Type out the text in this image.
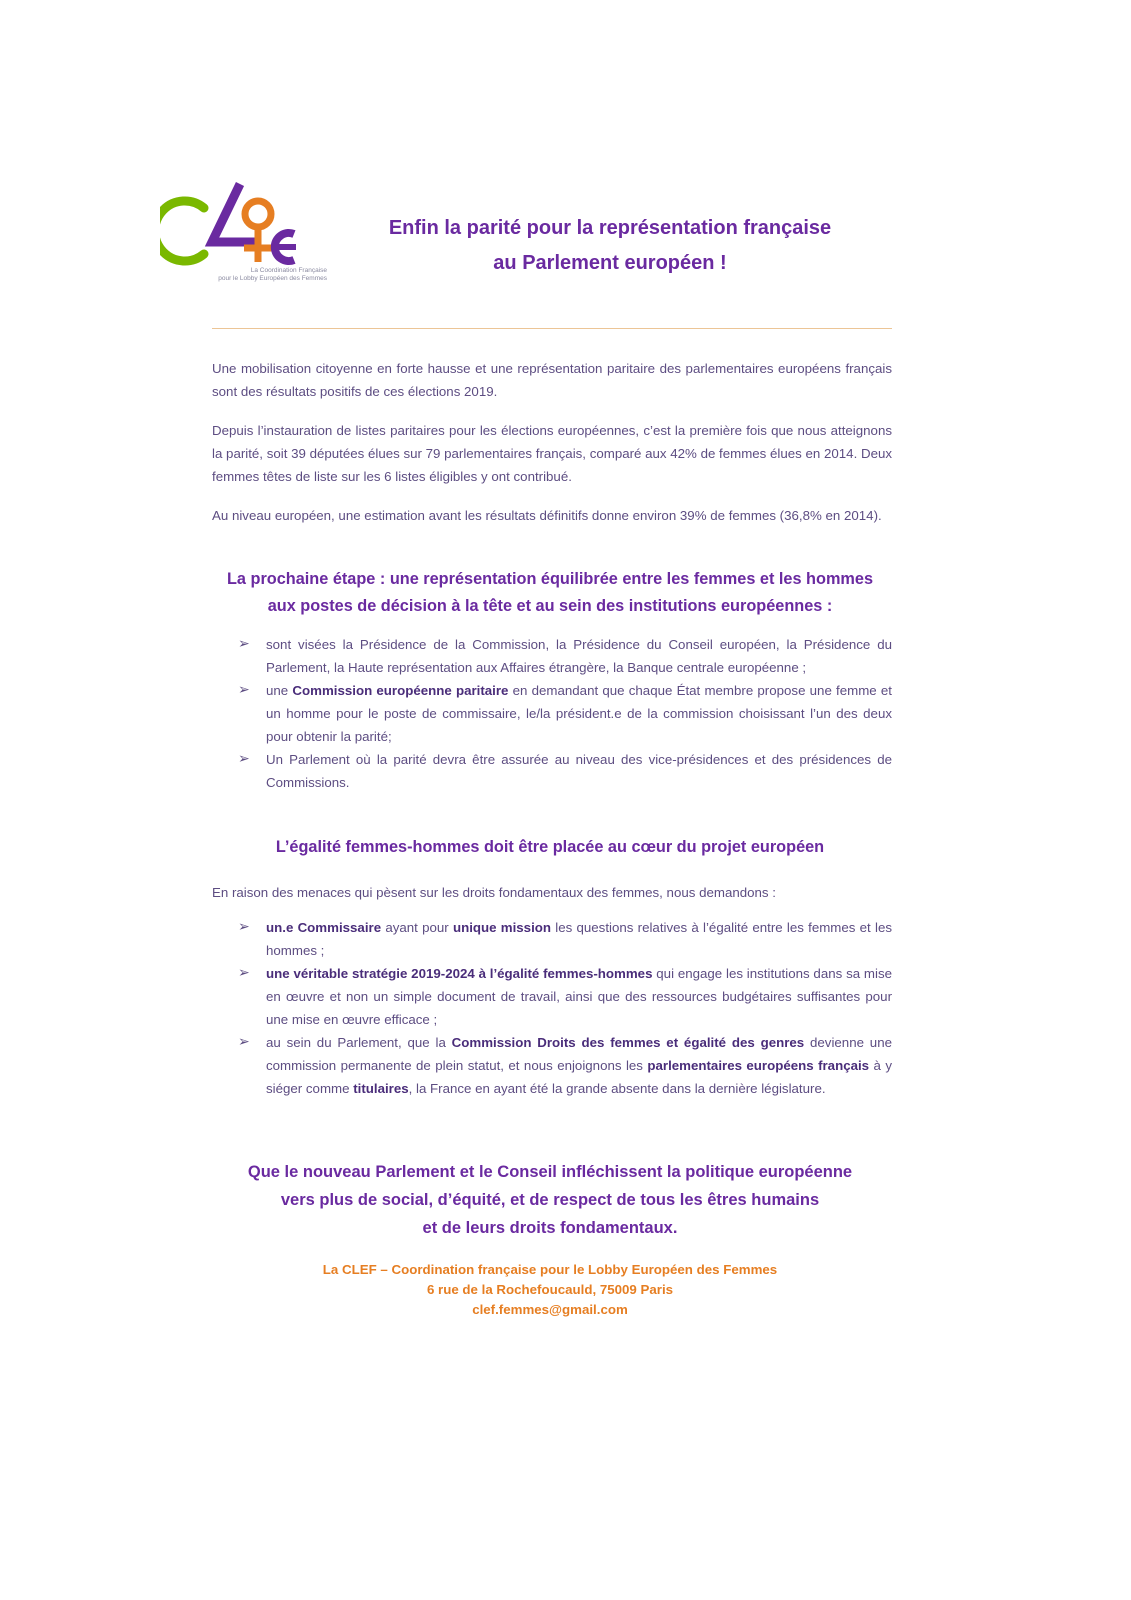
La Coordination Française
pour le Lobby Européen des Femmes
Enfin la parité pour la représentation française
au Parlement européen !

Une mobilisation citoyenne en forte hausse et une représentation paritaire des parlementaires européens français sont des résultats positifs de ces élections 2019.

Depuis l’instauration de listes paritaires pour les élections européennes, c’est la première fois que nous atteignons la parité, soit 39 députées élues sur 79 parlementaires français, comparé aux 42% de femmes élues en 2014. Deux femmes têtes de liste sur les 6 listes éligibles y ont contribué.

Au niveau européen, une estimation avant les résultats définitifs donne environ 39% de femmes (36,8% en 2014).

La prochaine étape : une représentation équilibrée entre les femmes et les hommes
aux postes de décision à la tête et au sein des institutions européennes :
➢ sont visées la Présidence de la Commission, la Présidence du Conseil européen, la Présidence du Parlement, la Haute représentation aux Affaires étrangère, la Banque centrale européenne ;
➢ une Commission européenne paritaire en demandant que chaque État membre propose une femme et un homme pour le poste de commissaire, le/la président.e de la commission choisissant l’un des deux pour obtenir la parité;
➢ Un Parlement où la parité devra être assurée au niveau des vice-présidences et des présidences de Commissions.
L’égalité femmes-hommes doit être placée au cœur du projet européen

En raison des menaces qui pèsent sur les droits fondamentaux des femmes, nous demandons :

➢ un.e Commissaire ayant pour unique mission les questions relatives à l’égalité entre les femmes et les hommes ;
➢ une véritable stratégie 2019-2024 à l’égalité femmes-hommes qui engage les institutions dans sa mise en œuvre et non un simple document de travail, ainsi que des ressources budgétaires suffisantes pour une mise en œuvre efficace ;
➢ au sein du Parlement, que la Commission Droits des femmes et égalité des genres devienne une commission permanente de plein statut, et nous enjoignons les parlementaires européens français à y siéger comme titulaires, la France en ayant été la grande absente dans la dernière législature.
Que le nouveau Parlement et le Conseil infléchissent la politique européenne
vers plus de social, d’équité, et de respect de tous les êtres humains
et de leurs droits fondamentaux.
La CLEF – Coordination française pour le Lobby Européen des Femmes
6 rue de la Rochefoucauld, 75009 Paris
clef.femmes@gmail.com
